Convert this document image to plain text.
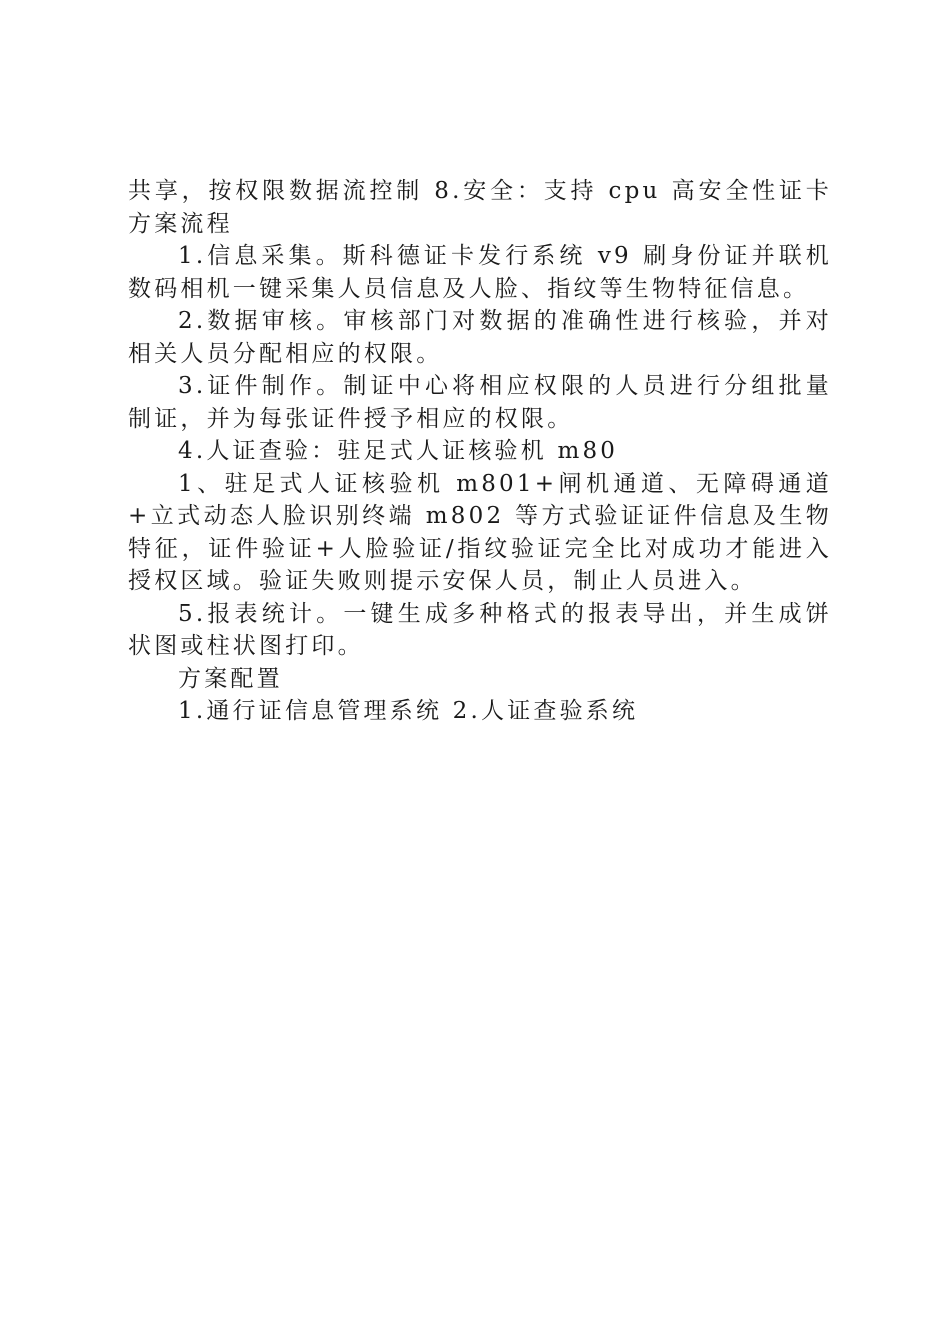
共享，按权限数据流控制 8.安全：支持 cpu 高安全性证卡方案流程

1.信息采集。斯科德证卡发行系统 v9 刷身份证并联机数码相机一键采集人员信息及人脸、指纹等生物特征信息。

2.数据审核。审核部门对数据的准确性进行核验，并对相关人员分配相应的权限。

3.证件制作。制证中心将相应权限的人员进行分组批量制证，并为每张证件授予相应的权限。

4.人证查验：驻足式人证核验机 m80

1、驻足式人证核验机 m801+闸机通道、无障碍通道+立式动态人脸识别终端 m802 等方式验证证件信息及生物特征，证件验证+人脸验证/指纹验证完全比对成功才能进入授权区域。验证失败则提示安保人员，制止人员进入。

5.报表统计。一键生成多种格式的报表导出，并生成饼状图或柱状图打印。

方案配置

1.通行证信息管理系统 2.人证查验系统
